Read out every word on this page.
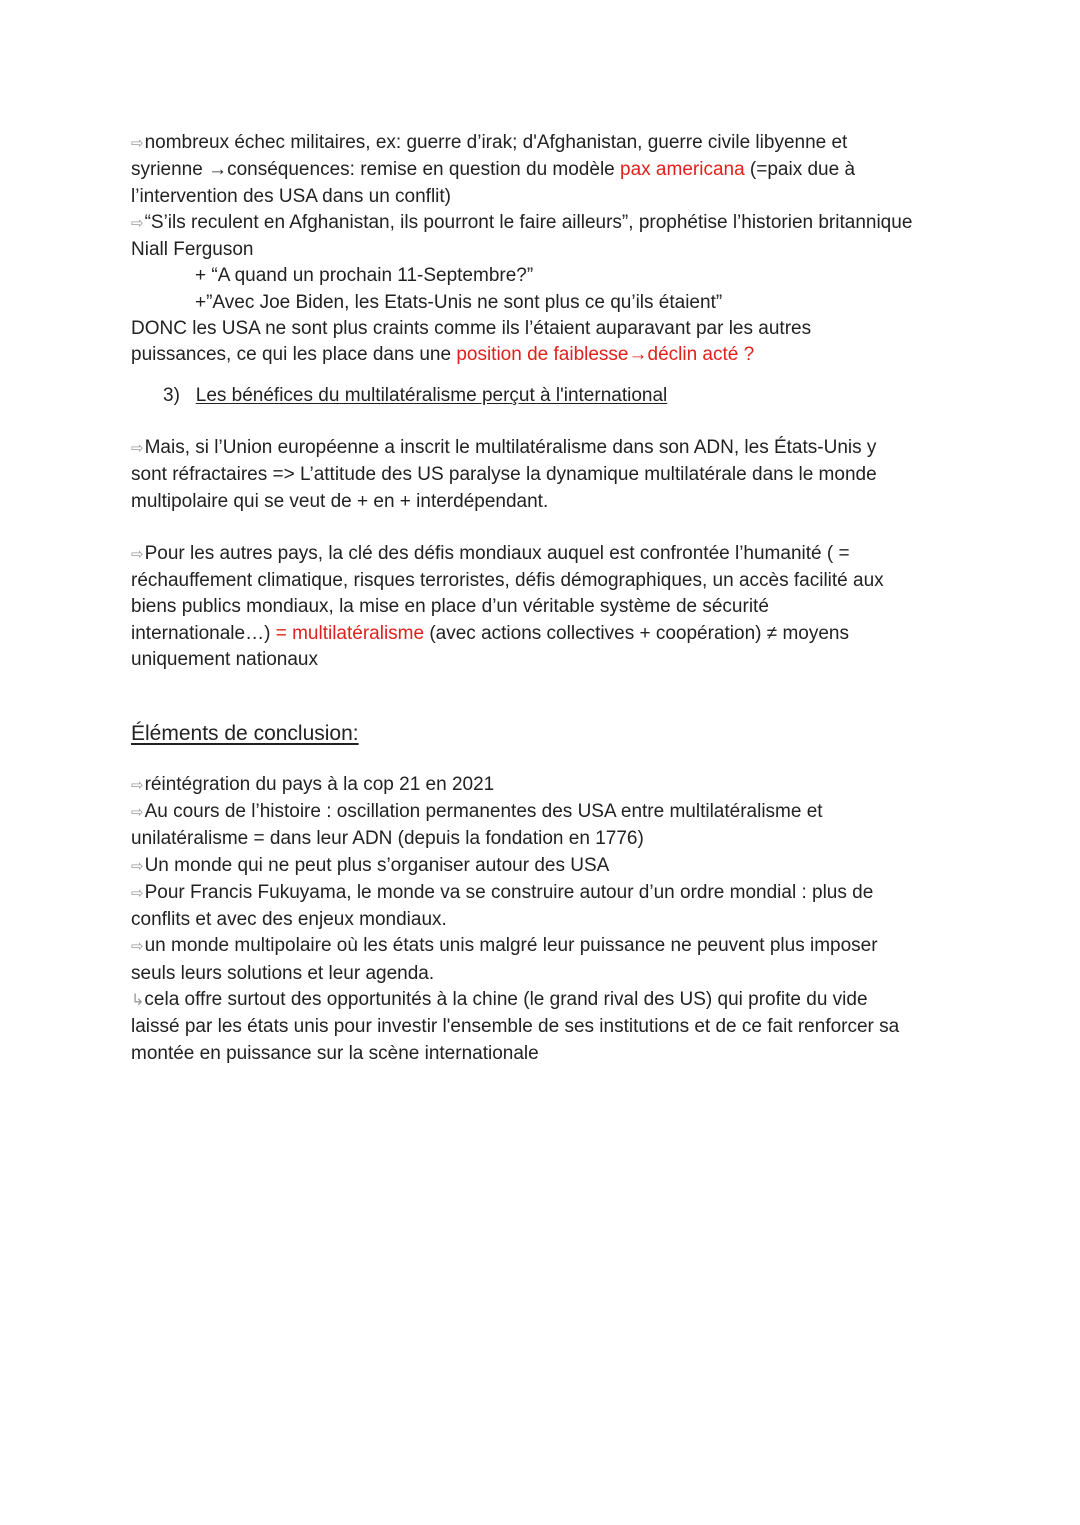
⇨nombreux échec militaires, ex: guerre d’irak; d'Afghanistan, guerre civile libyenne et
syrienne →conséquences: remise en question du modèle pax americana (=paix due à
l’intervention des USA dans un conflit)
⇨“S’ils reculent en Afghanistan, ils pourront le faire ailleurs”, prophétise l’historien britannique
Niall Ferguson
+ “A quand un prochain 11-Septembre?”
+”Avec Joe Biden, les Etats-Unis ne sont plus ce qu’ils étaient”
DONC les USA ne sont plus craints comme ils l’étaient auparavant par les autres
puissances, ce qui les place dans une position de faiblesse→déclin acté ?
3) Les bénéfices du multilatéralisme perçut à l'international
⇨Mais, si l’Union européenne a inscrit le multilatéralisme dans son ADN, les États-Unis y
sont réfractaires => L’attitude des US paralyse la dynamique multilatérale dans le monde
multipolaire qui se veut de + en + interdépendant.
⇨Pour les autres pays, la clé des défis mondiaux auquel est confrontée l’humanité ( =
réchauffement climatique, risques terroristes, défis démographiques, un accès facilité aux
biens publics mondiaux, la mise en place d’un véritable système de sécurité
internationale…) = multilatéralisme (avec actions collectives + coopération) ≠ moyens
uniquement nationaux
Éléments de conclusion:
⇨réintégration du pays à la cop 21 en 2021
⇨Au cours de l’histoire : oscillation permanentes des USA entre multilatéralisme et
unilatéralisme = dans leur ADN (depuis la fondation en 1776)
⇨Un monde qui ne peut plus s’organiser autour des USA
⇨Pour Francis Fukuyama, le monde va se construire autour d’un ordre mondial : plus de
conflits et avec des enjeux mondiaux.
⇨un monde multipolaire où les états unis malgré leur puissance ne peuvent plus imposer
seuls leurs solutions et leur agenda.
↳cela offre surtout des opportunités à la chine (le grand rival des US) qui profite du vide
laissé par les états unis pour investir l'ensemble de ses institutions et de ce fait renforcer sa
montée en puissance sur la scène internationale
